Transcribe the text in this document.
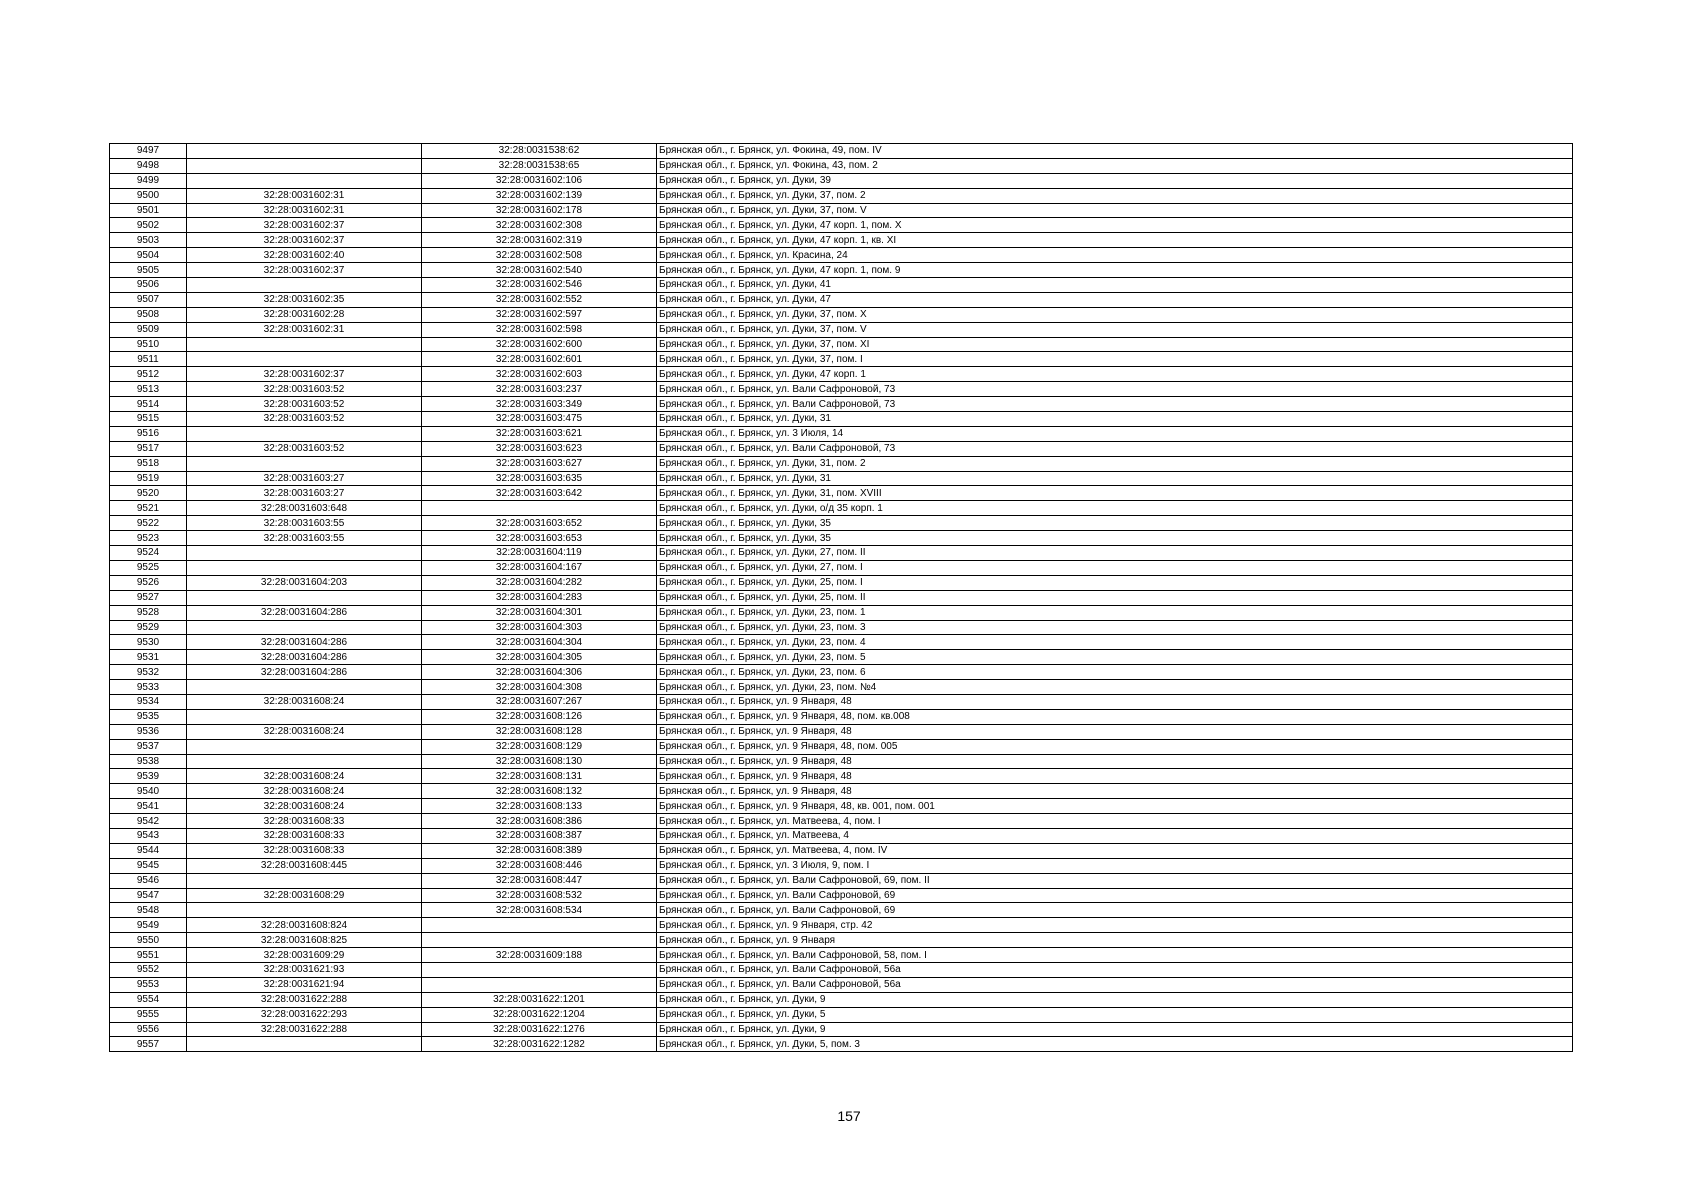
9497		32:28:0031538:62	Брянская обл., г. Брянск, ул. Фокина, 49, пом. IV
9498		32:28:0031538:65	Брянская обл., г. Брянск, ул. Фокина, 43, пом. 2
9499		32:28:0031602:106	Брянская обл., г. Брянск, ул. Дуки, 39
9500	32:28:0031602:31	32:28:0031602:139	Брянская обл., г. Брянск, ул. Дуки, 37, пом. 2
9501	32:28:0031602:31	32:28:0031602:178	Брянская обл., г. Брянск, ул. Дуки, 37, пом. V
9502	32:28:0031602:37	32:28:0031602:308	Брянская обл., г. Брянск, ул. Дуки, 47 корп. 1, пом. X
9503	32:28:0031602:37	32:28:0031602:319	Брянская обл., г. Брянск, ул. Дуки, 47 корп. 1, кв. XI
9504	32:28:0031602:40	32:28:0031602:508	Брянская обл., г. Брянск, ул. Красина, 24
9505	32:28:0031602:37	32:28:0031602:540	Брянская обл., г. Брянск, ул. Дуки, 47 корп. 1, пом. 9
9506		32:28:0031602:546	Брянская обл., г. Брянск, ул. Дуки, 41
9507	32:28:0031602:35	32:28:0031602:552	Брянская обл., г. Брянск, ул. Дуки, 47
9508	32:28:0031602:28	32:28:0031602:597	Брянская обл., г. Брянск, ул. Дуки, 37, пом. X
9509	32:28:0031602:31	32:28:0031602:598	Брянская обл., г. Брянск, ул. Дуки, 37, пом. V
9510		32:28:0031602:600	Брянская обл., г. Брянск, ул. Дуки, 37, пом. XI
9511		32:28:0031602:601	Брянская обл., г. Брянск, ул. Дуки, 37, пом. I
9512	32:28:0031602:37	32:28:0031602:603	Брянская обл., г. Брянск, ул. Дуки, 47 корп. 1
9513	32:28:0031603:52	32:28:0031603:237	Брянская обл., г. Брянск, ул. Вали Сафроновой, 73
9514	32:28:0031603:52	32:28:0031603:349	Брянская обл., г. Брянск, ул. Вали Сафроновой, 73
9515	32:28:0031603:52	32:28:0031603:475	Брянская обл., г. Брянск, ул. Дуки, 31
9516		32:28:0031603:621	Брянская обл., г. Брянск, ул. 3 Июля, 14
9517	32:28:0031603:52	32:28:0031603:623	Брянская обл., г. Брянск, ул. Вали Сафроновой, 73
9518		32:28:0031603:627	Брянская обл., г. Брянск, ул. Дуки, 31, пом. 2
9519	32:28:0031603:27	32:28:0031603:635	Брянская обл., г. Брянск, ул. Дуки, 31
9520	32:28:0031603:27	32:28:0031603:642	Брянская обл., г. Брянск, ул. Дуки, 31, пом. XVIII
9521	32:28:0031603:648		Брянская обл., г. Брянск, ул. Дуки, о/д 35 корп. 1
9522	32:28:0031603:55	32:28:0031603:652	Брянская обл., г. Брянск, ул. Дуки, 35
9523	32:28:0031603:55	32:28:0031603:653	Брянская обл., г. Брянск, ул. Дуки, 35
9524		32:28:0031604:119	Брянская обл., г. Брянск, ул. Дуки, 27, пом. II
9525		32:28:0031604:167	Брянская обл., г. Брянск, ул. Дуки, 27, пом. I
9526	32:28:0031604:203	32:28:0031604:282	Брянская обл., г. Брянск, ул. Дуки, 25, пом. I
9527		32:28:0031604:283	Брянская обл., г. Брянск, ул. Дуки, 25, пом. II
9528	32:28:0031604:286	32:28:0031604:301	Брянская обл., г. Брянск, ул. Дуки, 23, пом. 1
9529		32:28:0031604:303	Брянская обл., г. Брянск, ул. Дуки, 23, пом. 3
9530	32:28:0031604:286	32:28:0031604:304	Брянская обл., г. Брянск, ул. Дуки, 23, пом. 4
9531	32:28:0031604:286	32:28:0031604:305	Брянская обл., г. Брянск, ул. Дуки, 23, пом. 5
9532	32:28:0031604:286	32:28:0031604:306	Брянская обл., г. Брянск, ул. Дуки, 23, пом. 6
9533		32:28:0031604:308	Брянская обл., г. Брянск, ул. Дуки, 23, пом. №4
9534	32:28:0031608:24	32:28:0031607:267	Брянская обл., г. Брянск, ул. 9 Января, 48
9535		32:28:0031608:126	Брянская обл., г. Брянск, ул. 9 Января, 48, пом. кв.008
9536	32:28:0031608:24	32:28:0031608:128	Брянская обл., г. Брянск, ул. 9 Января, 48
9537		32:28:0031608:129	Брянская обл., г. Брянск, ул. 9 Января, 48, пом. 005
9538		32:28:0031608:130	Брянская обл., г. Брянск, ул. 9 Января, 48
9539	32:28:0031608:24	32:28:0031608:131	Брянская обл., г. Брянск, ул. 9 Января, 48
9540	32:28:0031608:24	32:28:0031608:132	Брянская обл., г. Брянск, ул. 9 Января, 48
9541	32:28:0031608:24	32:28:0031608:133	Брянская обл., г. Брянск, ул. 9 Января, 48, кв. 001, пом. 001
9542	32:28:0031608:33	32:28:0031608:386	Брянская обл., г. Брянск, ул. Матвеева, 4, пом. I
9543	32:28:0031608:33	32:28:0031608:387	Брянская обл., г. Брянск, ул. Матвеева, 4
9544	32:28:0031608:33	32:28:0031608:389	Брянская обл., г. Брянск, ул. Матвеева, 4, пом. IV
9545	32:28:0031608:445	32:28:0031608:446	Брянская обл., г. Брянск, ул. 3 Июля, 9, пом. I
9546		32:28:0031608:447	Брянская обл., г. Брянск, ул. Вали Сафроновой, 69, пом. II
9547	32:28:0031608:29	32:28:0031608:532	Брянская обл., г. Брянск, ул. Вали Сафроновой, 69
9548		32:28:0031608:534	Брянская обл., г. Брянск, ул. Вали Сафроновой, 69
9549	32:28:0031608:824		Брянская обл., г. Брянск, ул. 9 Января, стр. 42
9550	32:28:0031608:825		Брянская обл., г. Брянск, ул. 9 Января
9551	32:28:0031609:29	32:28:0031609:188	Брянская обл., г. Брянск, ул. Вали Сафроновой, 58, пом. I
9552	32:28:0031621:93		Брянская обл., г. Брянск, ул. Вали Сафроновой, 56а
9553	32:28:0031621:94		Брянская обл., г. Брянск, ул. Вали Сафроновой, 56а
9554	32:28:0031622:288	32:28:0031622:1201	Брянская обл., г. Брянск, ул. Дуки, 9
9555	32:28:0031622:293	32:28:0031622:1204	Брянская обл., г. Брянск, ул. Дуки, 5
9556	32:28:0031622:288	32:28:0031622:1276	Брянская обл., г. Брянск, ул. Дуки, 9
9557		32:28:0031622:1282	Брянская обл., г. Брянск, ул. Дуки, 5, пом. 3
157
